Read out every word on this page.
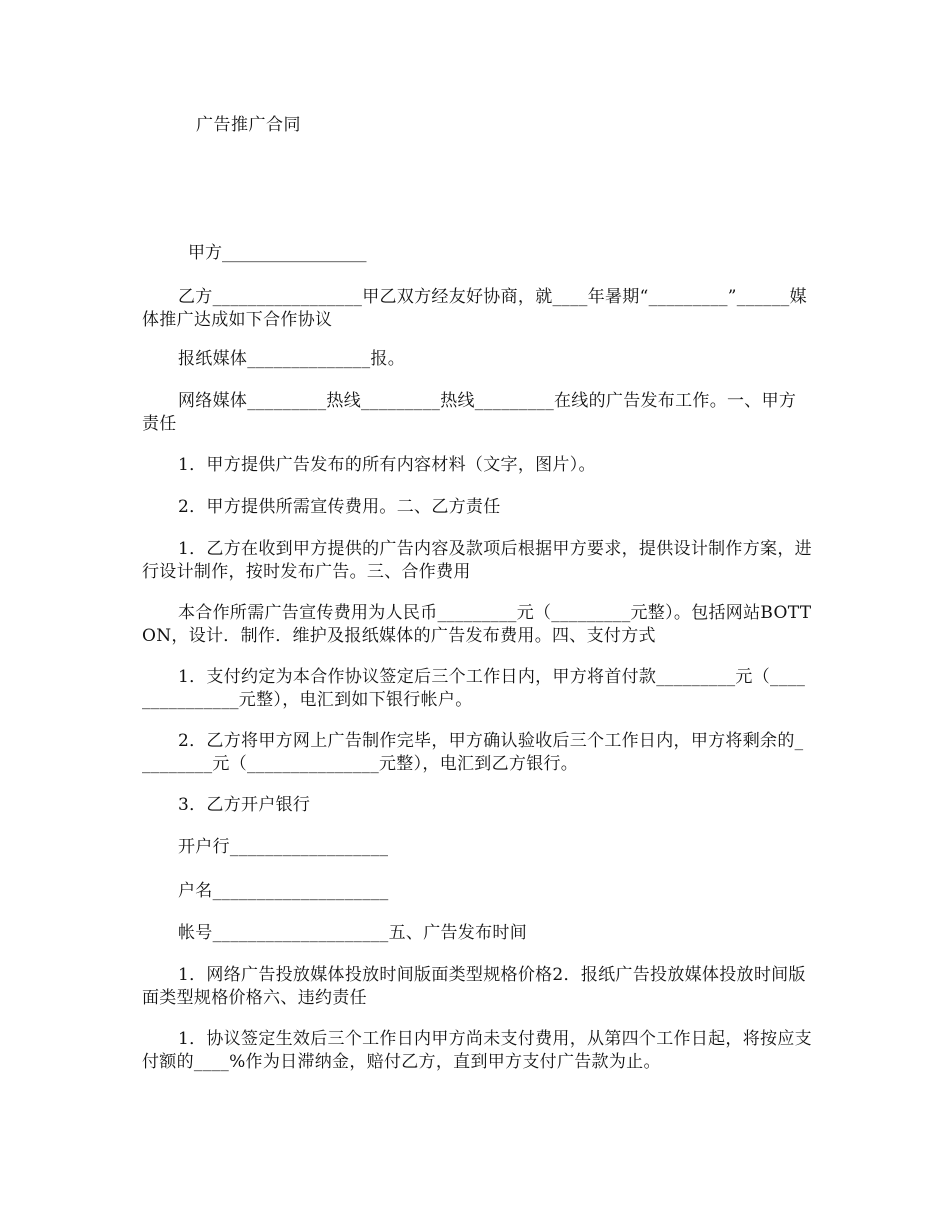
广告推广合同
甲方_________________
乙方_________________甲乙双方经友好协商，就____年暑期“_________”______媒体推广达成如下合作协议
报纸媒体______________报。
网络媒体_________热线_________热线_________在线的广告发布工作。一、甲方责任
1．甲方提供广告发布的所有内容材料（文字，图片）。
2．甲方提供所需宣传费用。二、乙方责任
1．乙方在收到甲方提供的广告内容及款项后根据甲方要求，提供设计制作方案，进行设计制作，按时发布广告。三、合作费用
本合作所需广告宣传费用为人民币_________元（_________元整）。包括网站BOTTON，设计．制作．维护及报纸媒体的广告发布费用。四、支付方式
1．支付约定为本合作协议签定后三个工作日内，甲方将首付款_________元（_______________元整），电汇到如下银行帐户。
2．乙方将甲方网上广告制作完毕，甲方确认验收后三个工作日内，甲方将剩余的_________元（_______________元整），电汇到乙方银行。
3．乙方开户银行
开户行__________________
户名____________________
帐号____________________五、广告发布时间
1．网络广告投放媒体投放时间版面类型规格价格2．报纸广告投放媒体投放时间版面类型规格价格六、违约责任
1．协议签定生效后三个工作日内甲方尚未支付费用，从第四个工作日起，将按应支付额的____%作为日滞纳金，赔付乙方，直到甲方支付广告款为止。
